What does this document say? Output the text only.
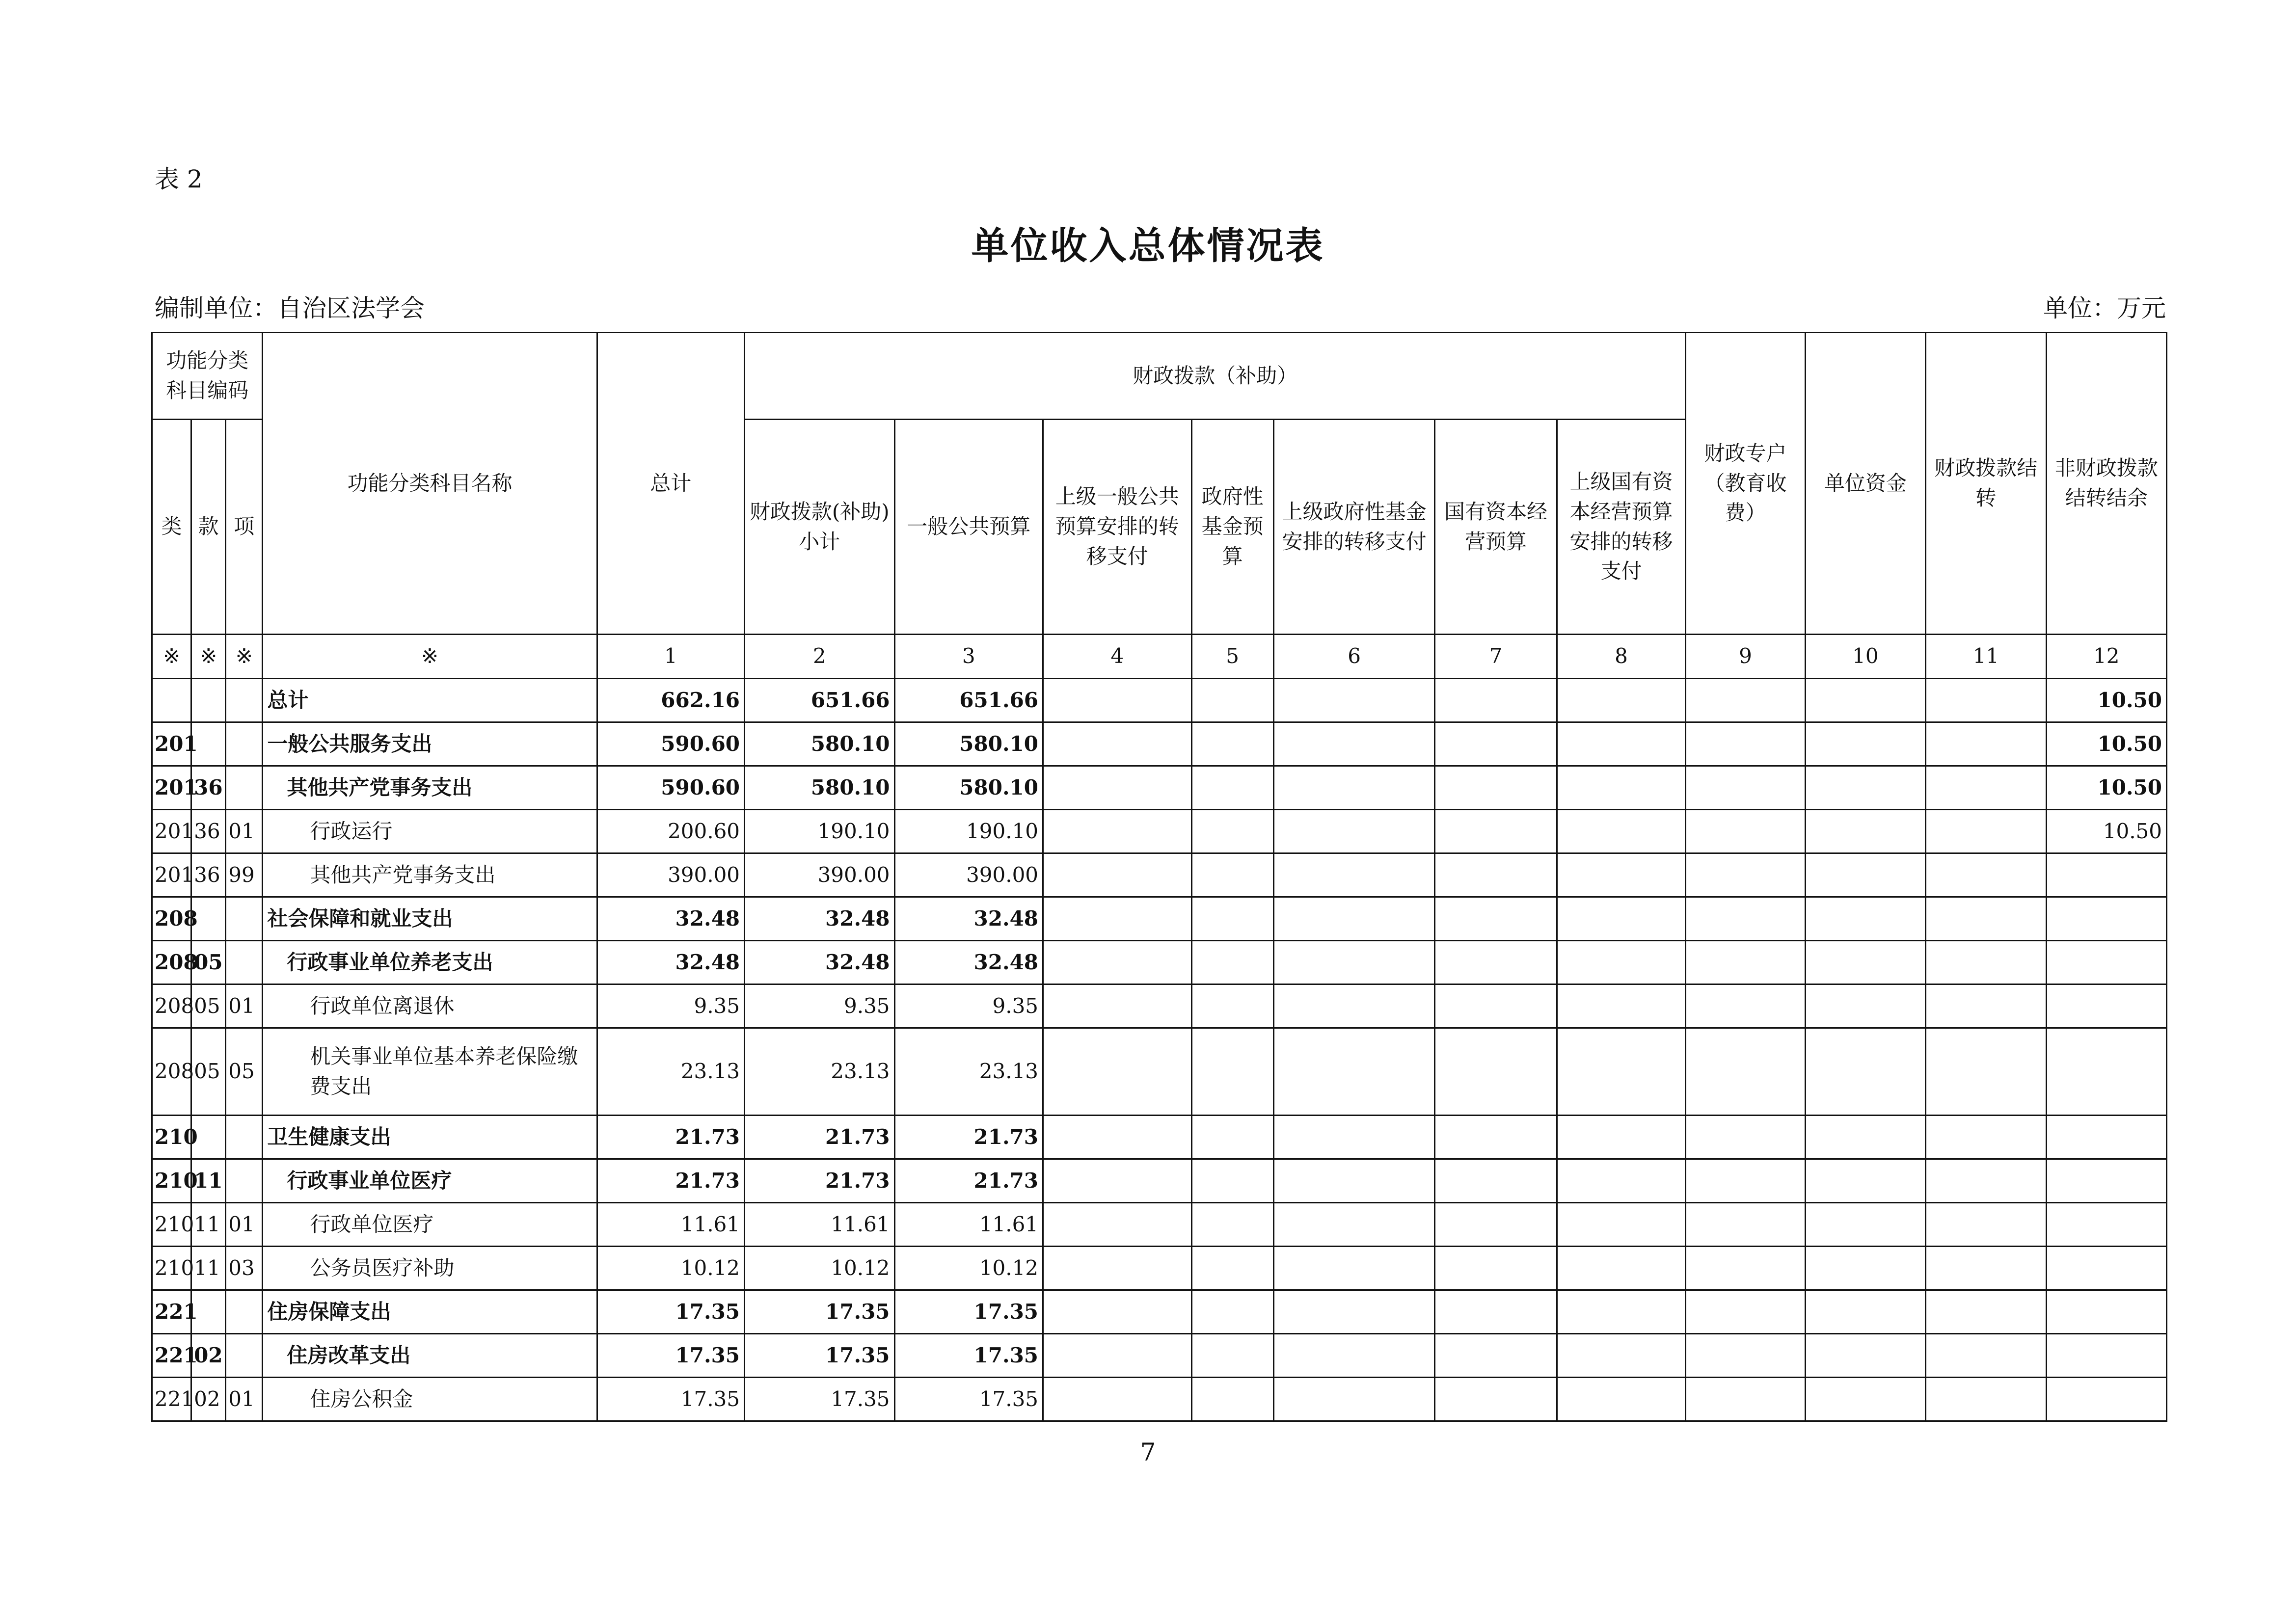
表 2
单位收入总体情况表
编制单位：自治区法学会	单位：万元
功能分类科目编码			功能分类科目名称	总计	财政拨款（补助）							财政专户（教育收费）	单位资金	财政拨款结转	非财政拨款结转结余
类	款	项			财政拨款(补助)小计	一般公共预算	上级一般公共预算安排的转移支付	政府性基金预算	上级政府性基金安排的转移支付	国有资本经营预算	上级国有资本经营预算安排的转移支付				
※	※	※	※	1	2	3	4	5	6	7	8	9	10	11	12
			总计	662.16	651.66	651.66									10.50
201			一般公共服务支出	590.60	580.10	580.10									10.50
201	36		其他共产党事务支出	590.60	580.10	580.10									10.50
201	36	01	行政运行	200.60	190.10	190.10									10.50
201	36	99	其他共产党事务支出	390.00	390.00	390.00									
208			社会保障和就业支出	32.48	32.48	32.48									
208	05		行政事业单位养老支出	32.48	32.48	32.48									
208	05	01	行政单位离退休	9.35	9.35	9.35									
208	05	05	机关事业单位基本养老保险缴费支出	23.13	23.13	23.13									
210			卫生健康支出	21.73	21.73	21.73									
210	11		行政事业单位医疗	21.73	21.73	21.73									
210	11	01	行政单位医疗	11.61	11.61	11.61									
210	11	03	公务员医疗补助	10.12	10.12	10.12									
221			住房保障支出	17.35	17.35	17.35									
221	02		住房改革支出	17.35	17.35	17.35									
221	02	01	住房公积金	17.35	17.35	17.35									
7
